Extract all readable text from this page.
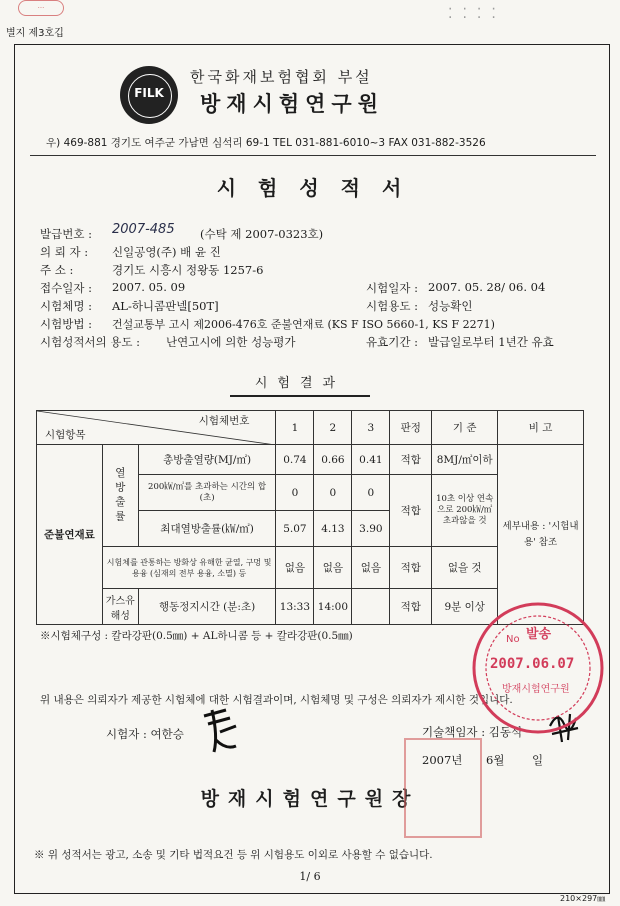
···	⁚⁚⁚⁚
별지 제3호깁
FILK
한국화재보험협회 부설
방재시험연구원
우) 469-881 경기도 여주군 가남면 심석리 69-1 TEL 031-881-6010~3 FAX 031-882-3526
시험성적서
발급번호 : 2007-485 (수탁 제 2007-0323호)
의 뢰 자 : 신일공영(주) 배 윤 진
주 소 :	경기도 시흥시 정왕동 1257-6
접수일자 : 2007. 05. 09	시험일자 : 2007. 05. 28/ 06. 04
시험체명 : AL-하니콤판넬[50T]	시험용도 : 성능확인
시험방법 : 건설교통부 고시 제2006-476호 준불연재료 (KS F ISO 5660-1, KS F 2271)
시험성적서의 용도 : 난연고시에 의한 성능평가	유효기간 : 발급일로부터 1년간 유효
시험결과
시험체번호
시험항목			1	2	3	판정	기 준	비 고
준불연재료	열방출률	총방출열량(MJ/㎡)	0.74	0.66	0.41	적합	8MJ/㎡이하	세부내용 : '시험내용' 참조
		200㎾/㎡를 초과하는 시간의 합(초)	0	0	0	적합	10초 이상 연속으로 200㎾/㎡ 초과않을 것	
		최대열방출률(㎾/㎡)	5.07	4.13	3.90			
	시험체를 관통하는 방화상 유해한 균열, 구멍 및 용융 (심재의 전부 용융, 소멸) 등		없음	없음	없음	적합	없을 것	
	가스유해성	행동정지시간 (분:초)	13:33	14:00		적합	9분 이상	
※시험체구성 : 칼라강판(0.5㎜) + AL하니콤 등 + 칼라강판(0.5㎜)
위 내용은 의뢰자가 제공한 시험체에 대한 시험결과이며, 시험체명 및 구성은 의뢰자가 제시한 것입니다.
시험자 : 여한승	기술책임자 : 김동석
2007년 6월 일
방재시험연구원장
No 발송
2007.06.07
방재시험연구원
※ 위 성적서는 광고, 소송 및 기타 법적요건 등 위 시험용도 이외로 사용할 수 없습니다.
1/ 6
210×297㎜
